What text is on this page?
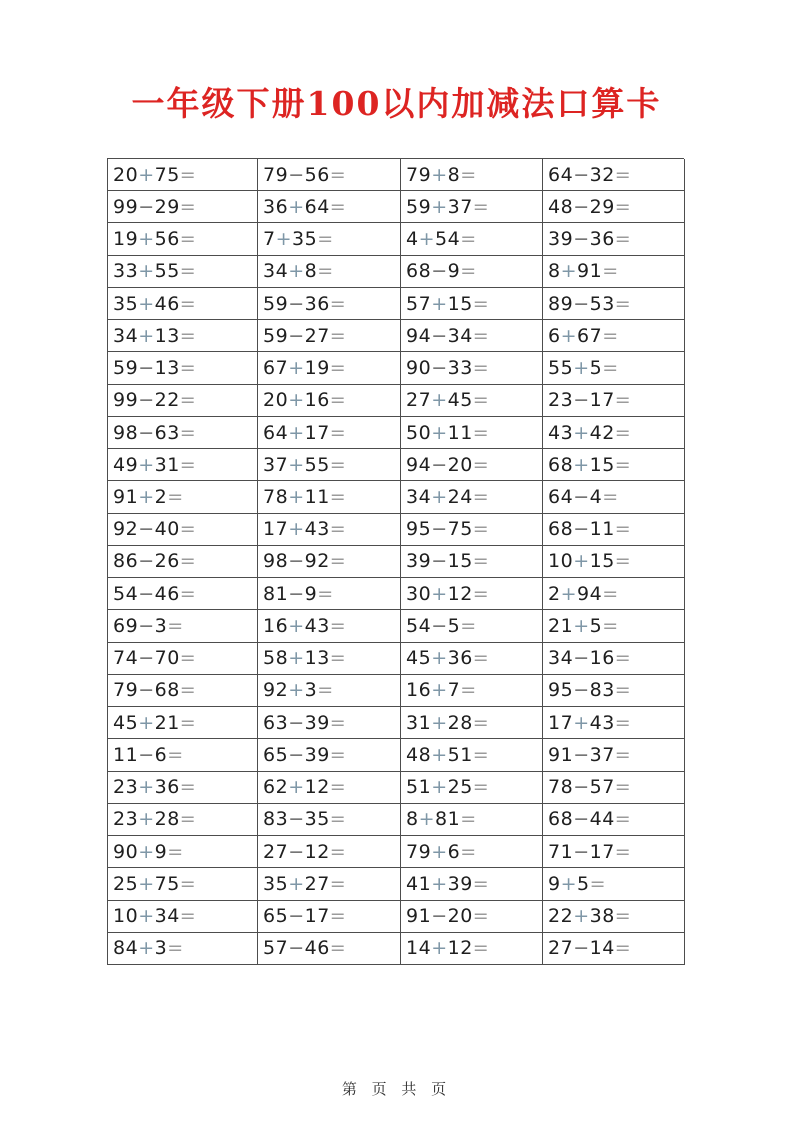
一年级下册100以内加减法口算卡
20 + 75 =	79 − 56 =	79 + 8 =	64 − 32 =
99 − 29 =	36 + 64 =	59 + 37 =	48 − 29 =
19 + 56 =	7 + 35 =	4 + 54 =	39 − 36 =
33 + 55 =	34 + 8 =	68 − 9 =	8 + 91 =
35 + 46 =	59 − 36 =	57 + 15 =	89 − 53 =
34 + 13 =	59 − 27 =	94 − 34 =	6 + 67 =
59 − 13 =	67 + 19 =	90 − 33 =	55 + 5 =
99 − 22 =	20 + 16 =	27 + 45 =	23 − 17 =
98 − 63 =	64 + 17 =	50 + 11 =	43 + 42 =
49 + 31 =	37 + 55 =	94 − 20 =	68 + 15 =
91 + 2 =	78 + 11 =	34 + 24 =	64 − 4 =
92 − 40 =	17 + 43 =	95 − 75 =	68 − 11 =
86 − 26 =	98 − 92 =	39 − 15 =	10 + 15 =
54 − 46 =	81 − 9 =	30 + 12 =	2 + 94 =
69 − 3 =	16 + 43 =	54 − 5 =	21 + 5 =
74 − 70 =	58 + 13 =	45 + 36 =	34 − 16 =
79 − 68 =	92 + 3 =	16 + 7 =	95 − 83 =
45 + 21 =	63 − 39 =	31 + 28 =	17 + 43 =
11 − 6 =	65 − 39 =	48 + 51 =	91 − 37 =
23 + 36 =	62 + 12 =	51 + 25 =	78 − 57 =
23 + 28 =	83 − 35 =	8 + 81 =	68 − 44 =
90 + 9 =	27 − 12 =	79 + 6 =	71 − 17 =
25 + 75 =	35 + 27 =	41 + 39 =	9 + 5 =
10 + 34 =	65 − 17 =	91 − 20 =	22 + 38 =
84 + 3 =	57 − 46 =	14 + 12 =	27 − 14 =
第 页 共 页
